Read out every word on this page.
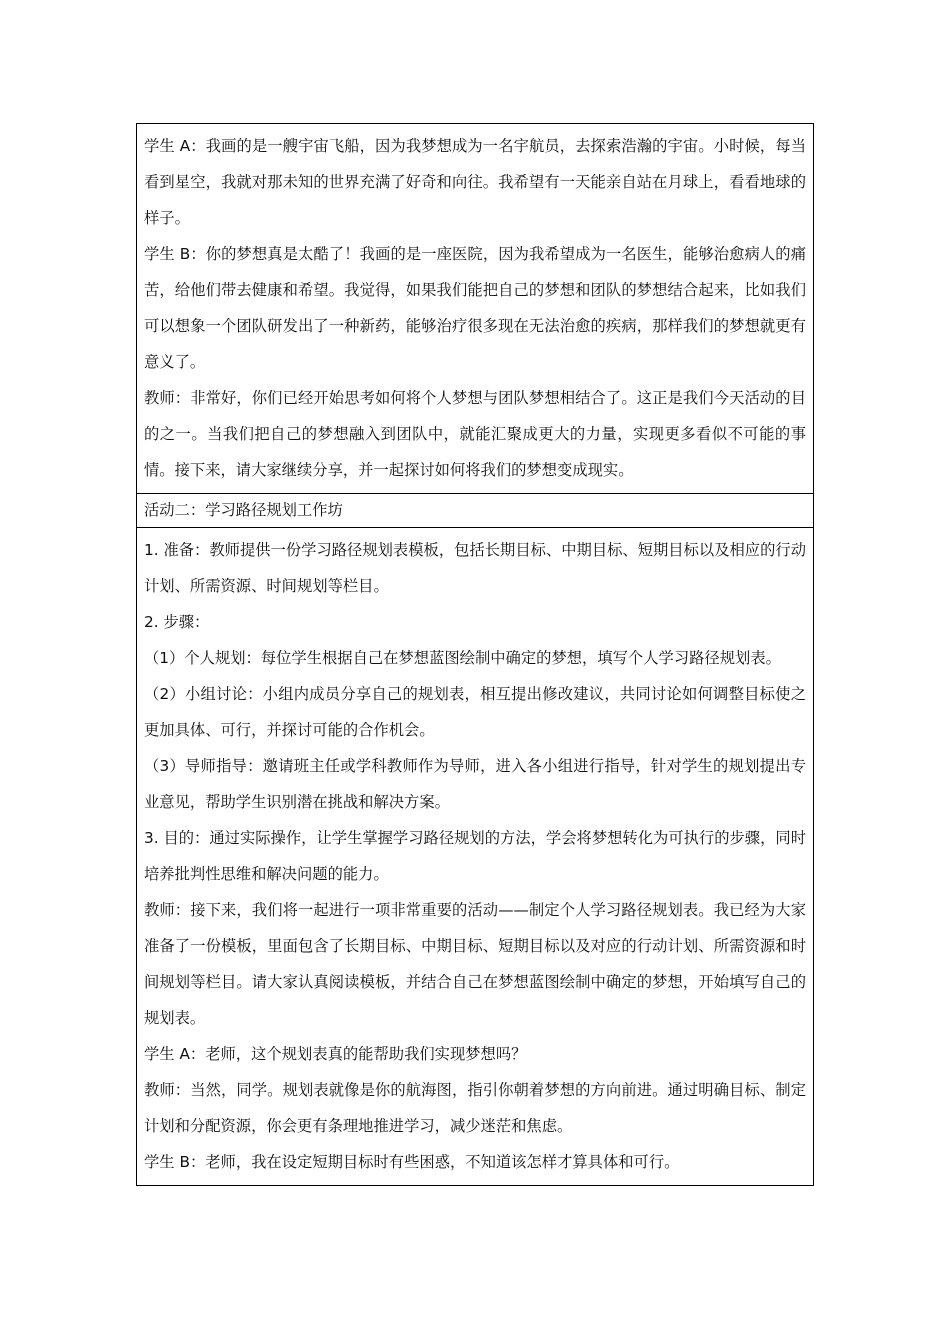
学生 A：我画的是一艘宇宙飞船，因为我梦想成为一名宇航员，去探索浩瀚的宇宙。小时候，每当看到星空，我就对那未知的世界充满了好奇和向往。我希望有一天能亲自站在月球上，看看地球的样子。

学生 B：你的梦想真是太酷了！我画的是一座医院，因为我希望成为一名医生，能够治愈病人的痛苦，给他们带去健康和希望。我觉得，如果我们能把自己的梦想和团队的梦想结合起来，比如我们可以想象一个团队研发出了一种新药，能够治疗很多现在无法治愈的疾病，那样我们的梦想就更有意义了。

教师：非常好，你们已经开始思考如何将个人梦想与团队梦想相结合了。这正是我们今天活动的目的之一。当我们把自己的梦想融入到团队中，就能汇聚成更大的力量，实现更多看似不可能的事情。接下来，请大家继续分享，并一起探讨如何将我们的梦想变成现实。

活动二：学习路径规划工作坊

1. 准备：教师提供一份学习路径规划表模板，包括长期目标、中期目标、短期目标以及相应的行动计划、所需资源、时间规划等栏目。

2. 步骤：

（1）个人规划：每位学生根据自己在梦想蓝图绘制中确定的梦想，填写个人学习路径规划表。

（2）小组讨论：小组内成员分享自己的规划表，相互提出修改建议，共同讨论如何调整目标使之更加具体、可行，并探讨可能的合作机会。

（3）导师指导：邀请班主任或学科教师作为导师，进入各小组进行指导，针对学生的规划提出专业意见，帮助学生识别潜在挑战和解决方案。

3. 目的：通过实际操作，让学生掌握学习路径规划的方法，学会将梦想转化为可执行的步骤，同时培养批判性思维和解决问题的能力。

教师：接下来，我们将一起进行一项非常重要的活动——制定个人学习路径规划表。我已经为大家准备了一份模板，里面包含了长期目标、中期目标、短期目标以及对应的行动计划、所需资源和时间规划等栏目。请大家认真阅读模板，并结合自己在梦想蓝图绘制中确定的梦想，开始填写自己的规划表。

学生 A：老师，这个规划表真的能帮助我们实现梦想吗？

教师：当然，同学。规划表就像是你的航海图，指引你朝着梦想的方向前进。通过明确目标、制定计划和分配资源，你会更有条理地推进学习，减少迷茫和焦虑。

学生 B：老师，我在设定短期目标时有些困惑，不知道该怎样才算具体和可行。
